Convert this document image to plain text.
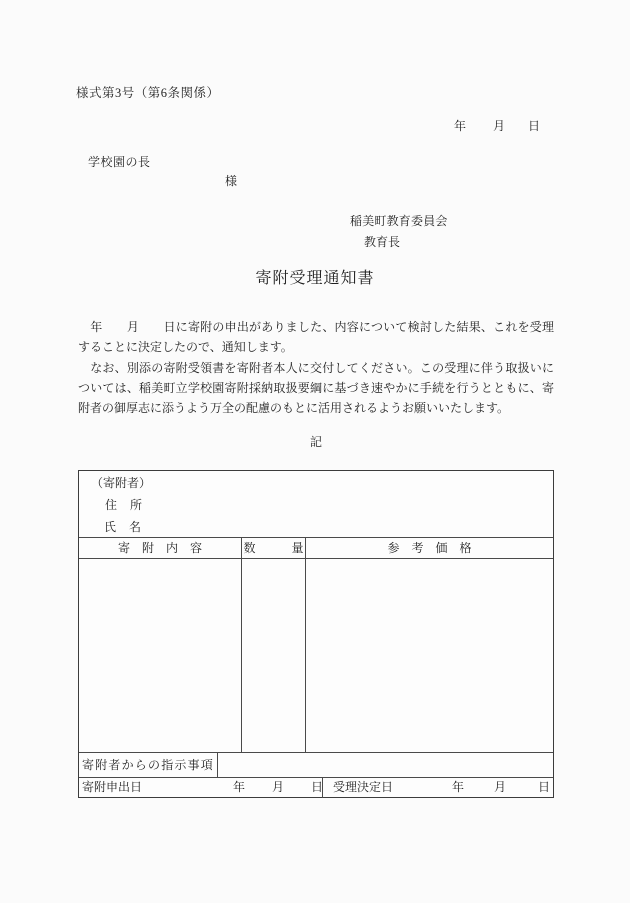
様式第3号（第6条関係）
年 月 日
学校園の長
様
稲美町教育委員会
教育長
寄附受理通知書
　年　　月　　日に寄附の申出がありました、内容について検討した結果、これを受理
することに決定したので、通知します。
　なお、別添の寄附受領書を寄附者本人に交付してください。この受理に伴う取扱いに
ついては、稲美町立学校園寄附採納取扱要綱に基づき速やかに手続を行うとともに、寄
附者の御厚志に添うよう万全の配慮のもとに活用されるようお願いいたします。
記
（寄附者）
住　所
氏　名
寄　附　内　容	数　　　量	参　考　価　格
寄附者からの指示事項
寄附申出日	年 月 日 受理決定日	年 月	日
